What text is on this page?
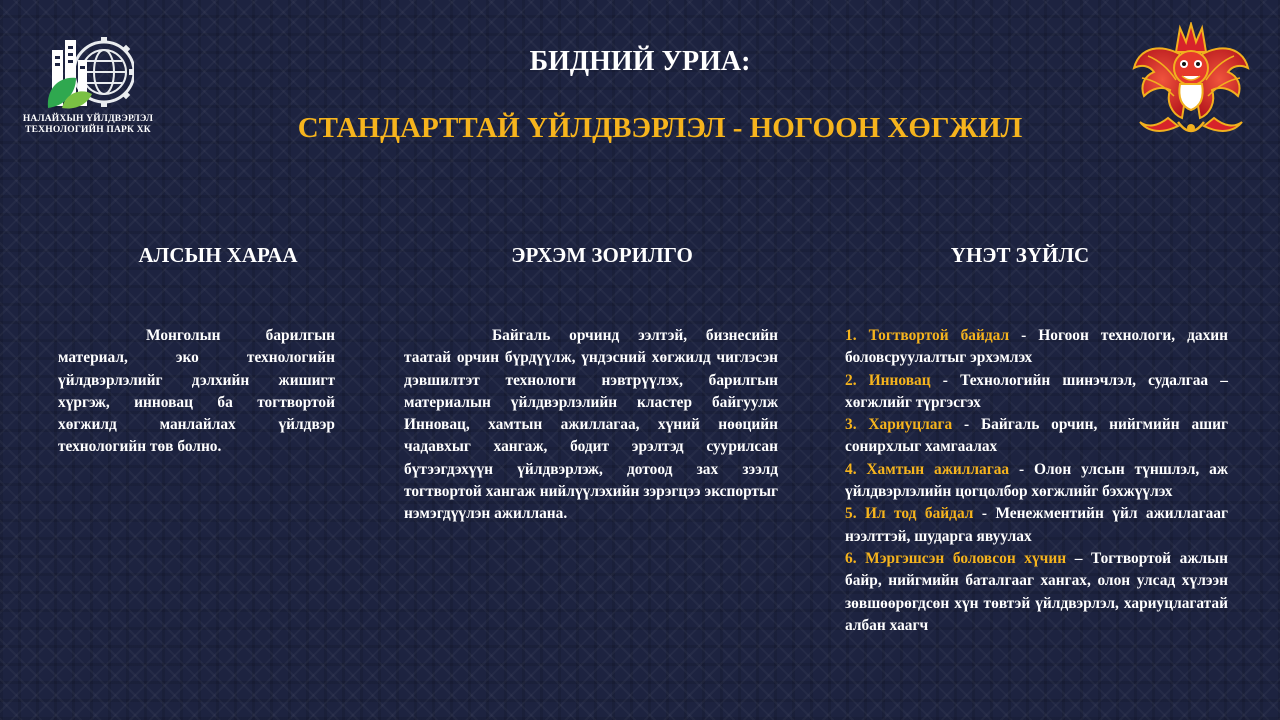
НАЛАЙХЫН ҮЙЛДВЭРЛЭЛ
ТЕХНОЛОГИЙН ПАРК ХК
БИДНИЙ УРИА:
СТАНДАРТТАЙ ҮЙЛДВЭРЛЭЛ - НОГООН ХӨГЖИЛ
АЛСЫН ХАРАА	ЭРХЭМ ЗОРИЛГО	ҮНЭТ ЗҮЙЛС
Монголын барилгын материал, эко технологийн үйлдвэрлэлийг дэлхийн жишигт хүргэж, инновац ба тогтвортой хөгжилд манлайлах үйлдвэр технологийн төв болно.
Байгаль орчинд ээлтэй, бизнесийн таатай орчин бүрдүүлж, үндэсний хөгжилд чиглэсэн дэвшилтэт технологи нэвтрүүлэх, барилгын материалын үйлдвэрлэлийн кластер байгуулж Инновац, хамтын ажиллагаа, хүний нөөцийн чадавхыг хангаж, бодит эрэлтэд суурилсан бүтээгдэхүүн үйлдвэрлэж, дотоод зах зээлд тогтвортой хангаж нийлүүлэхийн зэрэгцээ экспортыг нэмэгдүүлэн ажиллана.
1. Тогтвортой байдал - Ногоон технологи, дахин боловсруулалтыг эрхэмлэх
2. Инновац - Технологийн шинэчлэл, судалгаа – хөгжлийг түргэсгэх
3. Хариуцлага - Байгаль орчин, нийгмийн ашиг сонирхлыг хамгаалах
4. Хамтын ажиллагаа - Олон улсын түншлэл, аж үйлдвэрлэлийн цогцолбор хөгжлийг бэхжүүлэх
5. Ил тод байдал - Менежментийн үйл ажиллагааг нээлттэй, шударга явуулах
6. Мэргэшсэн боловсон хүчин – Тогтвортой ажлын байр, нийгмийн баталгааг хангах, олон улсад хүлээн зөвшөөрөгдсөн хүн төвтэй үйлдвэрлэл, хариуцлагатай албан хаагч
